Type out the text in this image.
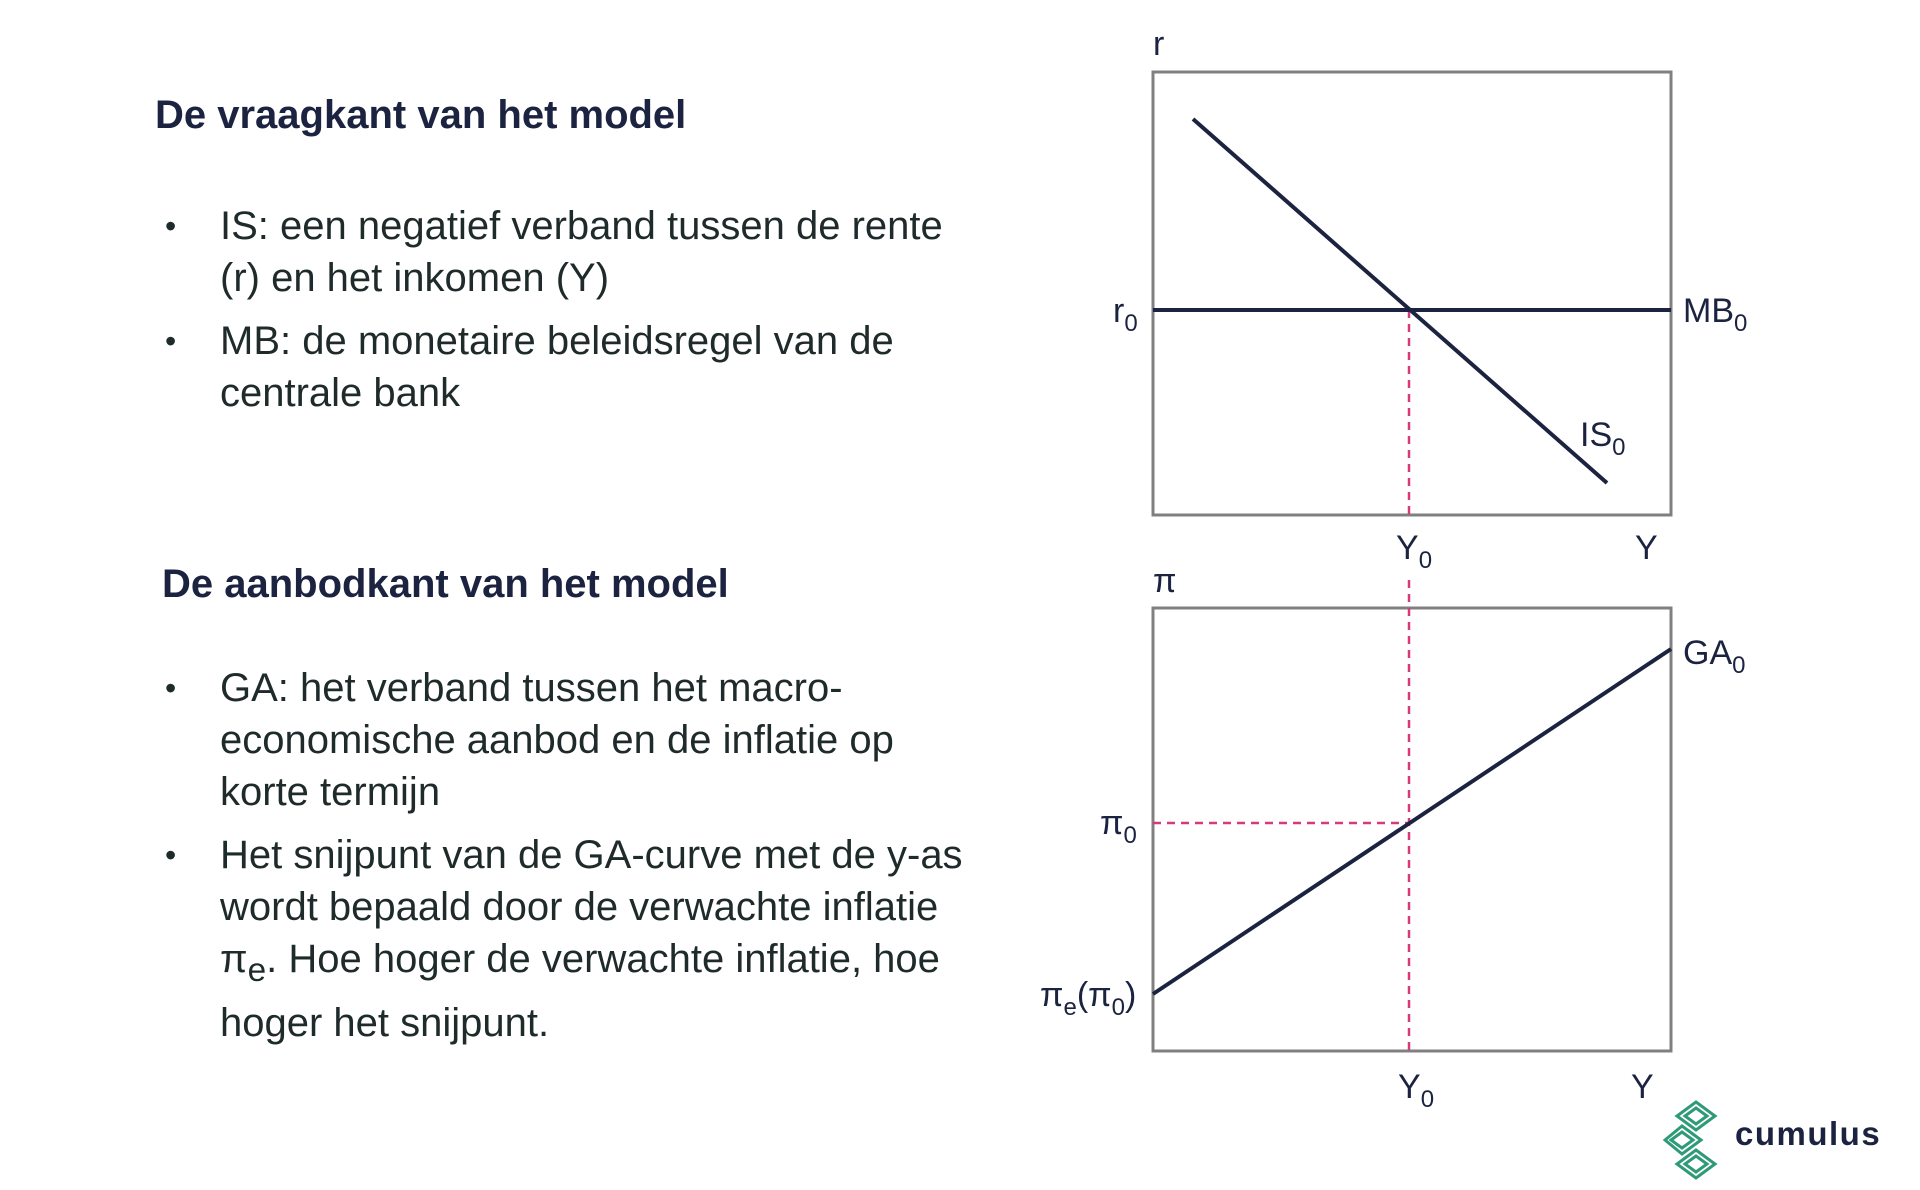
De vraagkant van het model
• IS: een negatief verband tussen de rente (r) en het inkomen (Y)
• MB: de monetaire beleidsregel van de centrale bank
De aanbodkant van het model
• GA: het verband tussen het macro-economische aanbod en de inflatie op korte termijn
• Het snijpunt van de GA-curve met de y-as wordt bepaald door de verwachte inflatie $\pi_e$. Hoe hoger de verwachte inflatie, hoe hoger het snijpunt.
r
$r_0$	$MB_0$
$IS_0$
$Y_0$	Y
π
$\pi_0$
$\pi_e(\pi_0)$
$GA_0$
$Y_0$	Y
cumulus
